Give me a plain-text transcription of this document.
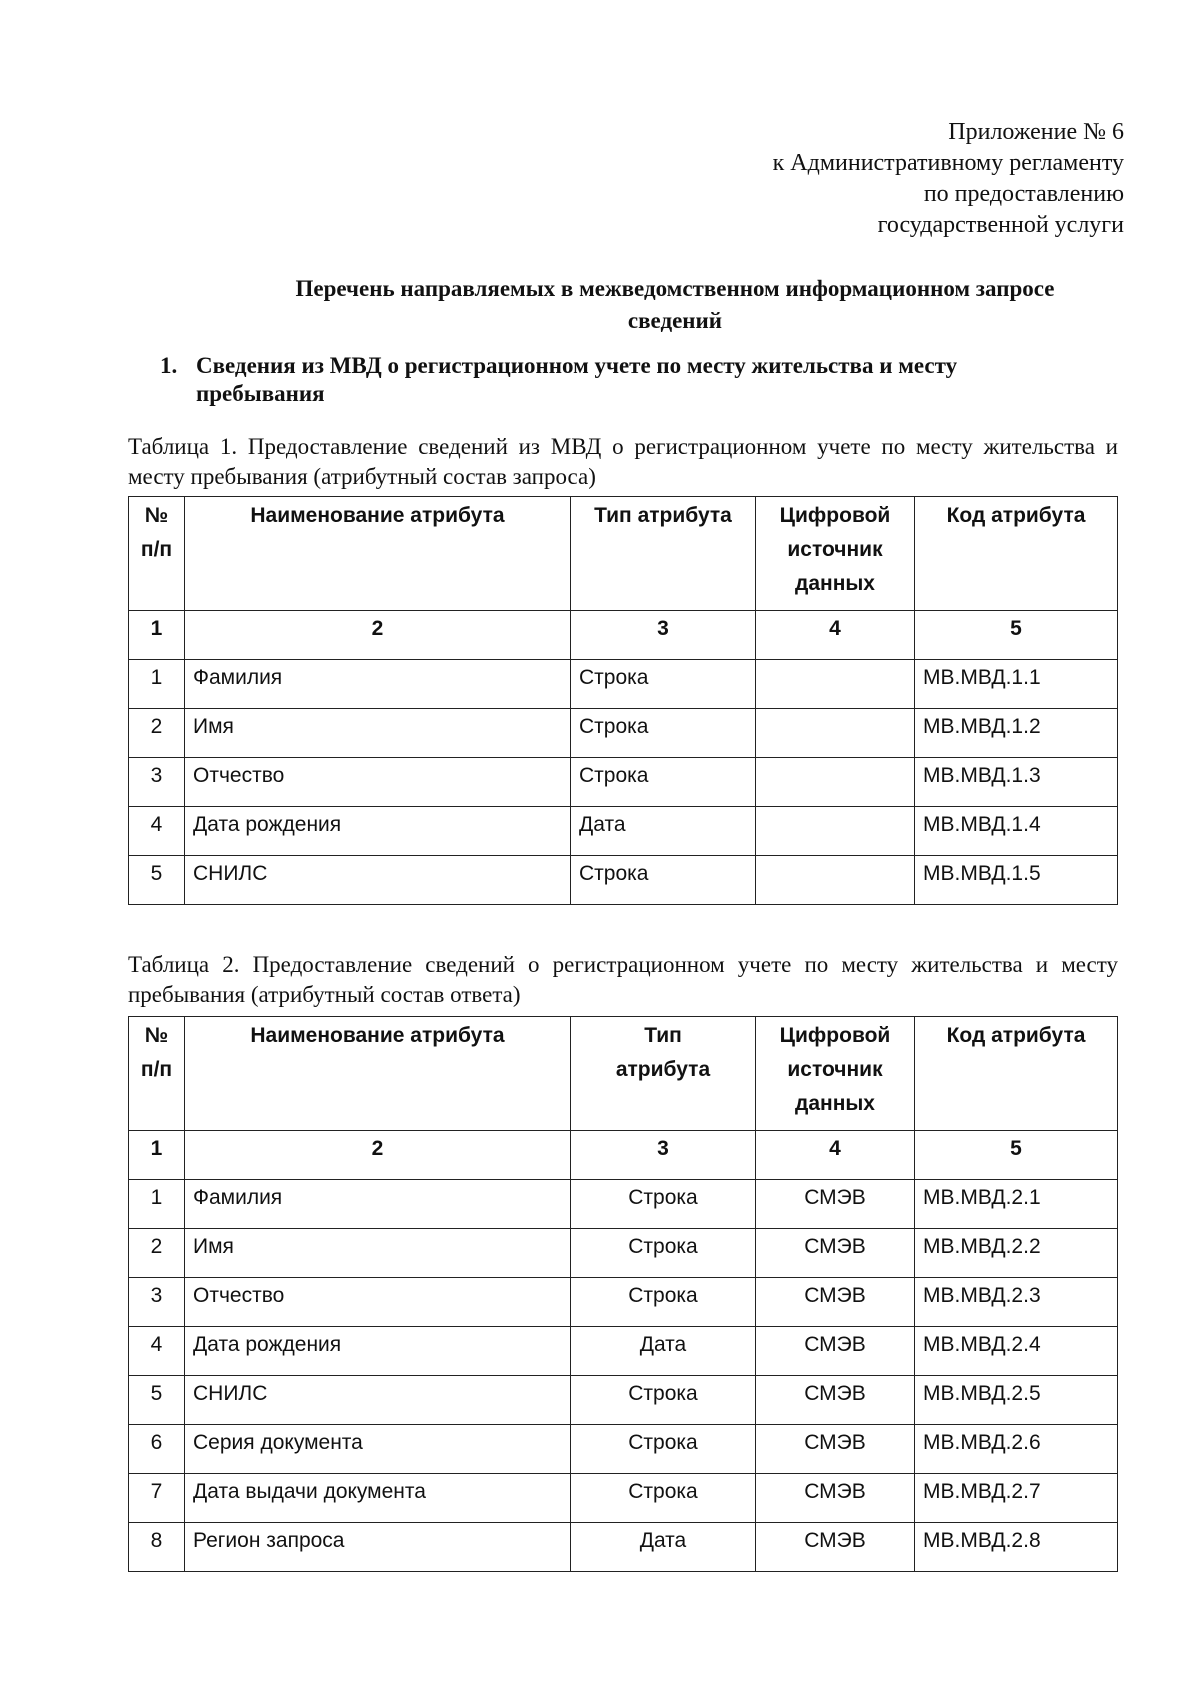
Приложение № 6
к Административному регламенту
по предоставлению
государственной услуги
Перечень направляемых в межведомственном информационном запросе
сведений
1. Сведения из МВД о регистрационном учете по месту жительства и месту пребывания
Таблица 1. Предоставление сведений из МВД о регистрационном учете по месту жительства и месту пребывания (атрибутный состав запроса)
№ п/п	Наименование атрибута	Тип атрибута	Цифровой источник данных	Код атрибута
1	2	3	4	5
1	Фамилия	Строка		МВ.МВД.1.1
2	Имя	Строка		МВ.МВД.1.2
3	Отчество	Строка		МВ.МВД.1.3
4	Дата рождения	Дата		МВ.МВД.1.4
5	СНИЛС	Строка		МВ.МВД.1.5
Таблица 2. Предоставление сведений о регистрационном учете по месту жительства и месту пребывания (атрибутный состав ответа)
№ п/п	Наименование атрибута	Тип атрибута	Цифровой источник данных	Код атрибута
1	2	3	4	5
1	Фамилия	Строка	СМЭВ	МВ.МВД.2.1
2	Имя	Строка	СМЭВ	МВ.МВД.2.2
3	Отчество	Строка	СМЭВ	МВ.МВД.2.3
4	Дата рождения	Дата	СМЭВ	МВ.МВД.2.4
5	СНИЛС	Строка	СМЭВ	МВ.МВД.2.5
6	Серия документа	Строка	СМЭВ	МВ.МВД.2.6
7	Дата выдачи документа	Строка	СМЭВ	МВ.МВД.2.7
8	Регион запроса	Дата	СМЭВ	МВ.МВД.2.8
